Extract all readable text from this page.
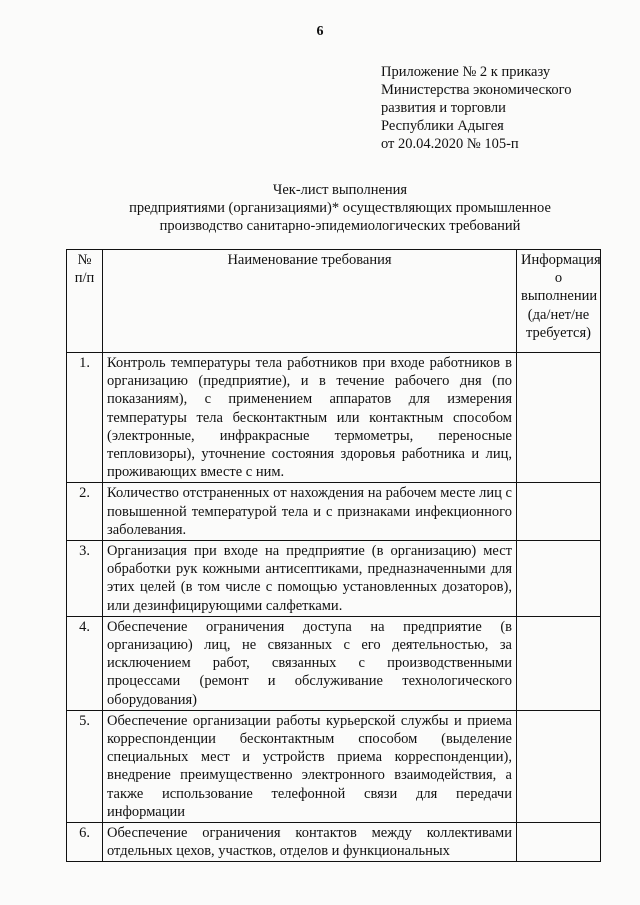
6
Приложение № 2 к приказу
Министерства экономического
развития и торговли
Республики Адыгея
от 20.04.2020 № 105-п
Чек-лист выполнения
предприятиями (организациями)* осуществляющих промышленное
производство санитарно-эпидемиологических требований
№ п/п	Наименование требования	Информация о выполнении (да/нет/не требуется)
1.	Контроль температуры тела работников при входе работников в организацию (предприятие), и в течение рабочего дня (по показаниям), с применением аппаратов для измерения температуры тела бесконтактным или контактным способом (электронные, инфракрасные термометры, переносные тепловизоры), уточнение состояния здоровья работника и лиц, проживающих вместе с ним.	
2.	Количество отстраненных от нахождения на рабочем месте лиц с повышенной температурой тела и с признаками инфекционного заболевания.	
3.	Организация при входе на предприятие (в организацию) мест обработки рук кожными антисептиками, предназначенными для этих целей (в том числе с помощью установленных дозаторов), или дезинфицирующими салфетками.	
4.	Обеспечение ограничения доступа на предприятие (в организацию) лиц, не связанных с его деятельностью, за исключением работ, связанных с производственными процессами (ремонт и обслуживание технологического оборудования)	
5.	Обеспечение организации работы курьерской службы и приема корреспонденции бесконтактным способом (выделение специальных мест и устройств приема корреспонденции), внедрение преимущественно электронного взаимодействия, а также использование телефонной связи для передачи информации	
6.	Обеспечение ограничения контактов между коллективами отдельных цехов, участков, отделов и функциональных	
